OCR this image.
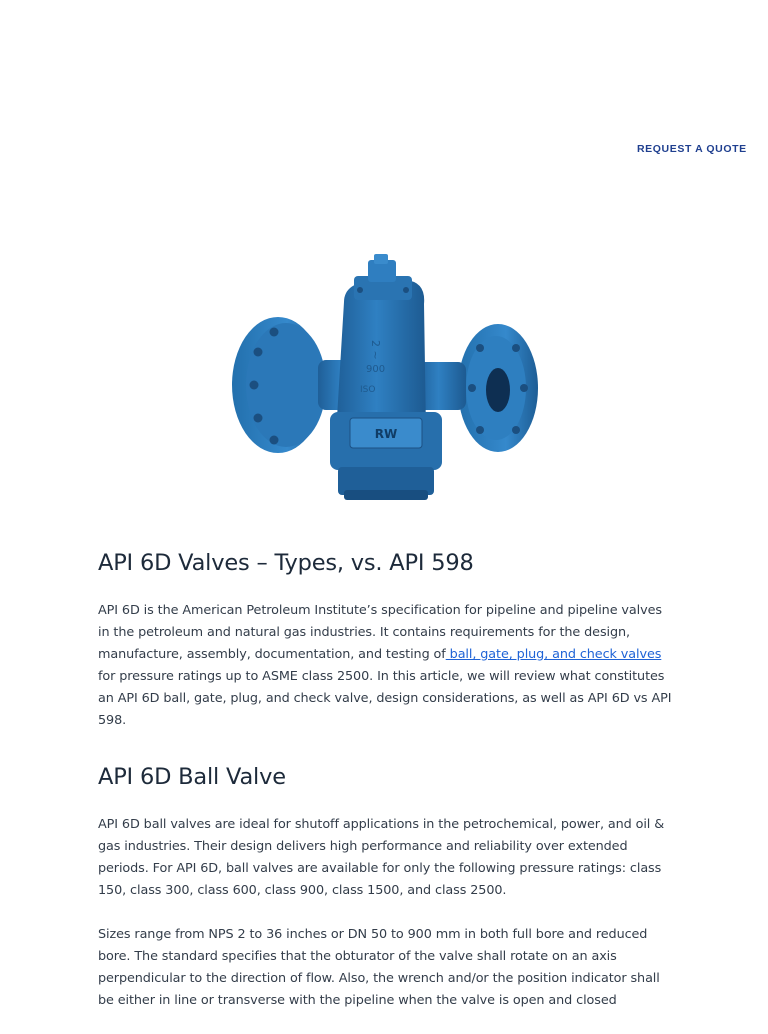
REQUEST A QUOTE
2 ~
900
ISO
RW
API 6D Valves – Types, vs. API 598

API 6D is the American Petroleum Institute’s specification for pipeline and pipeline valves in the petroleum and natural gas industries. It contains requirements for the design, manufacture, assembly, documentation, and testing of ball, gate, plug, and check valves for pressure ratings up to ASME class 2500. In this article, we will review what constitutes an API 6D ball, gate, plug, and check valve, design considerations, as well as API 6D vs API 598.

API 6D Ball Valve

API 6D ball valves are ideal for shutoff applications in the petrochemical, power, and oil & gas industries. Their design delivers high performance and reliability over extended periods. For API 6D, ball valves are available for only the following pressure ratings: class 150, class 300, class 600, class 900, class 1500, and class 2500.

Sizes range from NPS 2 to 36 inches or DN 50 to 900 mm in both full bore and reduced bore. The standard specifies that the obturator of the valve shall rotate on an axis perpendicular to the direction of flow. Also, the wrench and/or the position indicator shall be either in line or transverse with the pipeline when the valve is open and closed
